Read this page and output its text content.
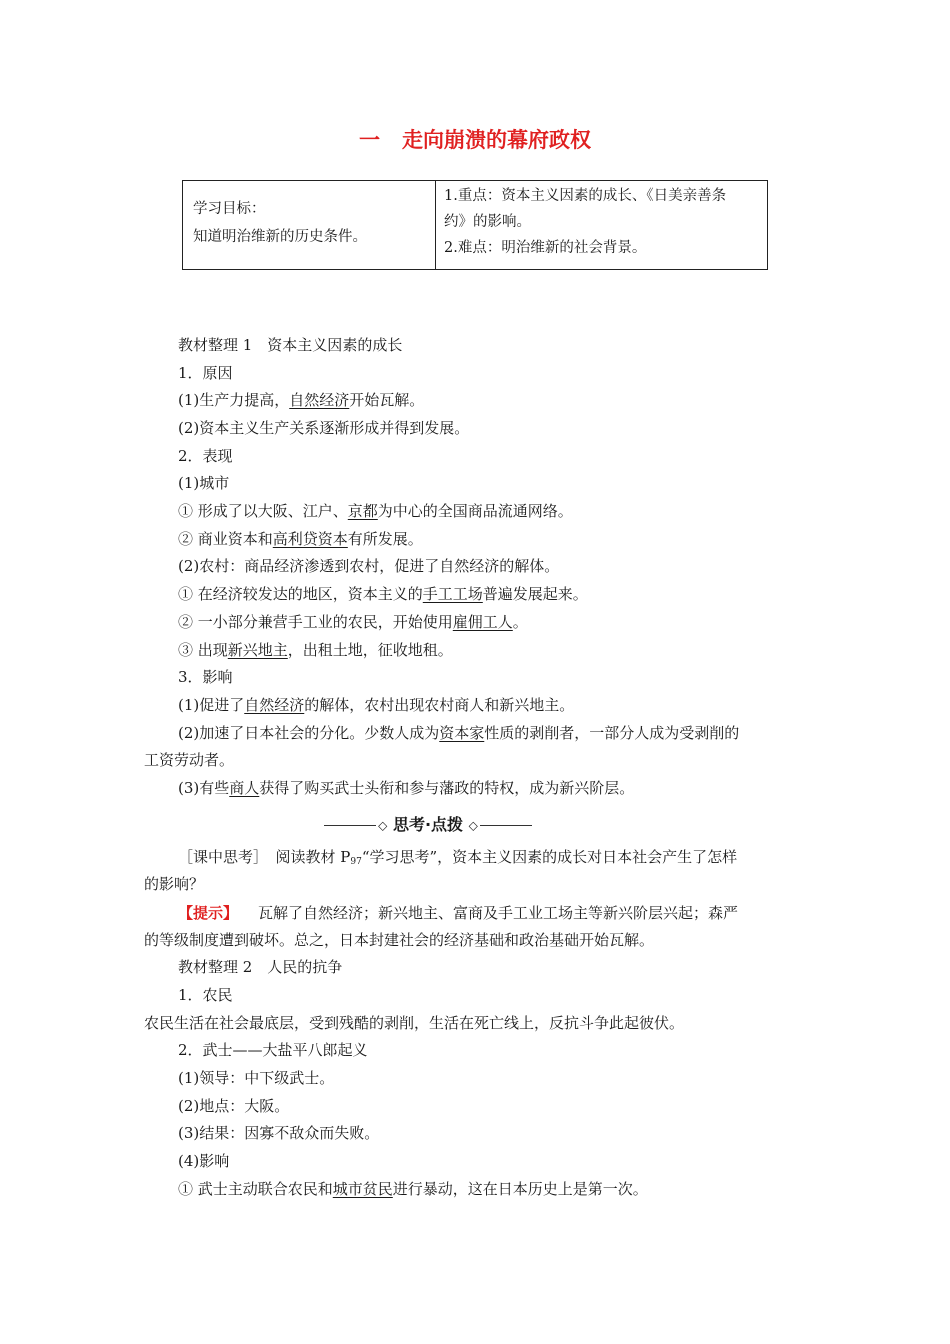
一 走向崩溃的幕府政权
学习目标：
知道明治维新的历史条件。

1.重点：资本主义因素的成长、《日美亲善条
约》的影响。
2.难点：明治维新的社会背景。
教材整理 1　资本主义因素的成长
1．原因
(1)生产力提高，自然经济开始瓦解。
(2)资本主义生产关系逐渐形成并得到发展。
2．表现
(1)城市
① 形成了以大阪、江户、京都为中心的全国商品流通网络。
② 商业资本和高利贷资本有所发展。
(2)农村：商品经济渗透到农村，促进了自然经济的解体。
① 在经济较发达的地区，资本主义的手工工场普遍发展起来。
② 一小部分兼营手工业的农民，开始使用雇佣工人。
③ 出现新兴地主，出租土地，征收地租。
3．影响
(1)促进了自然经济的解体，农村出现农村商人和新兴地主。
(2)加速了日本社会的分化。少数人成为资本家性质的剥削者，一部分人成为受剥削的
工资劳动者。
(3)有些商人获得了购买武士头衔和参与藩政的特权，成为新兴阶层。
◇ 思考·点拨 ◇
［课中思考］　阅读教材 $P_{97}“$学习思考”，资本主义因素的成长对日本社会产生了怎样
的影响？
【提示】 瓦解了自然经济；新兴地主、富商及手工业工场主等新兴阶层兴起；森严
的等级制度遭到破坏。总之，日本封建社会的经济基础和政治基础开始瓦解。
教材整理 2　人民的抗争
1．农民
农民生活在社会最底层，受到残酷的剥削，生活在死亡线上，反抗斗争此起彼伏。
2．武士——大盐平八郎起义
(1)领导：中下级武士。
(2)地点：大阪。
(3)结果：因寡不敌众而失败。
(4)影响
① 武士主动联合农民和城市贫民进行暴动，这在日本历史上是第一次。
